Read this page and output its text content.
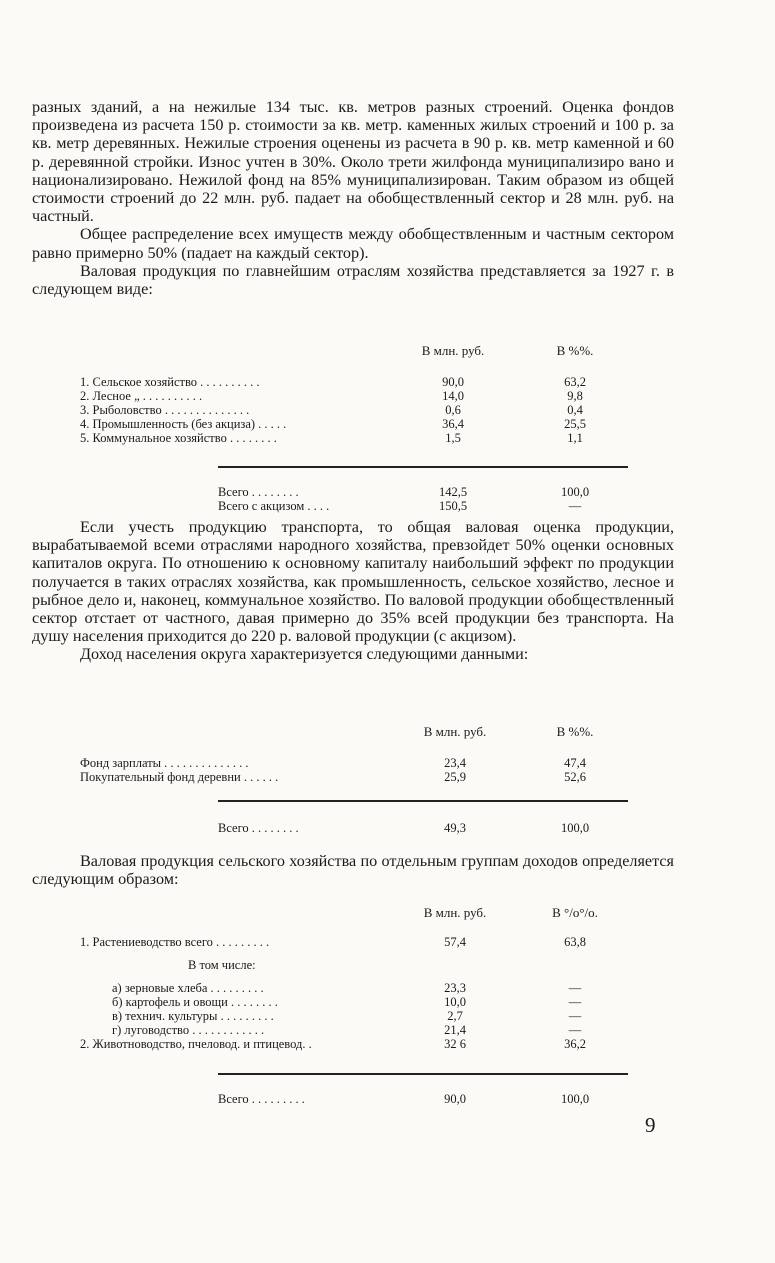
разных зданий, а на нежилые 134 тыс. кв. метров разных строений. Оценка фондов произведена из расчета 150 р. стоимости за кв. метр. каменных жилых строений и 100 р. за кв. метр деревянных. Нежилые строения оценены из расчета в 90 р. кв. метр каменной и 60 р. деревянной стройки. Износ учтен в 30%. Около трети жилфонда муниципализиро вано и национализировано. Нежилой фонд на 85% муниципализирован. Таким образом из общей стоимости строений до 22 млн. руб. падает на обобществленный сектор и 28 млн. руб. на частный.

Общее распределение всех имуществ между обобществленным и частным сектором равно примерно 50% (падает на каждый сектор).

Валовая продукция по главнейшим отраслям хозяйства представляется за 1927 г. в следующем виде:

В млн. руб.	В %%.
1. Сельское хозяйство . . . . . . . . . .	90,0	63,2
2. Лесное „ . . . . . . . . . .	14,0	9,8
3. Рыболовство . . . . . . . . . . . . . .	0,6	0,4
4. Промышленность (без акциза) . . . . .	36,4	25,5
5. Коммунальное хозяйство . . . . . . . .	1,5	1,1
Всего . . . . . . . .	142,5	100,0
Всего с акцизом . . . .	150,5	—

Если учесть продукцию транспорта, то общая валовая оценка продукции, вырабатываемой всеми отраслями народного хозяйства, превзойдет 50% оценки основных капиталов округа. По отношению к основному капиталу наибольший эффект по продукции получается в таких отраслях хозяйства, как промышленность, сельское хозяйство, лесное и рыбное дело и, наконец, коммунальное хозяйство. По валовой продукции обобществленный сектор отстает от частного, давая примерно до 35% всей продукции без транспорта. На душу населения приходится до 220 р. валовой продукции (с акцизом).

Доход населения округа характеризуется следующими данными:

В млн. руб.	В %%.
Фонд зарплаты . . . . . . . . . . . . . .	23,4	47,4
Покупательный фонд деревни . . . . . .	25,9	52,6
Всего . . . . . . . .	49,3	100,0

Валовая продукция сельского хозяйства по отдельным группам доходов определяется следующим образом:

В млн. руб.	В °/о°/о.
1. Растениеводство всего . . . . . . . . .	57,4	63,8
В том числе:
а) зерновые хлеба . . . . . . . . .	23,3	—
б) картофель и овощи . . . . . . . .	10,0	—
в) технич. культуры . . . . . . . . .	2,7	—
г) луговодство . . . . . . . . . . . .	21,4	—
2. Животноводство, пчеловод. и птицевод. .	32 6	36,2
Всего . . . . . . . . .	90,0	100,0
9
